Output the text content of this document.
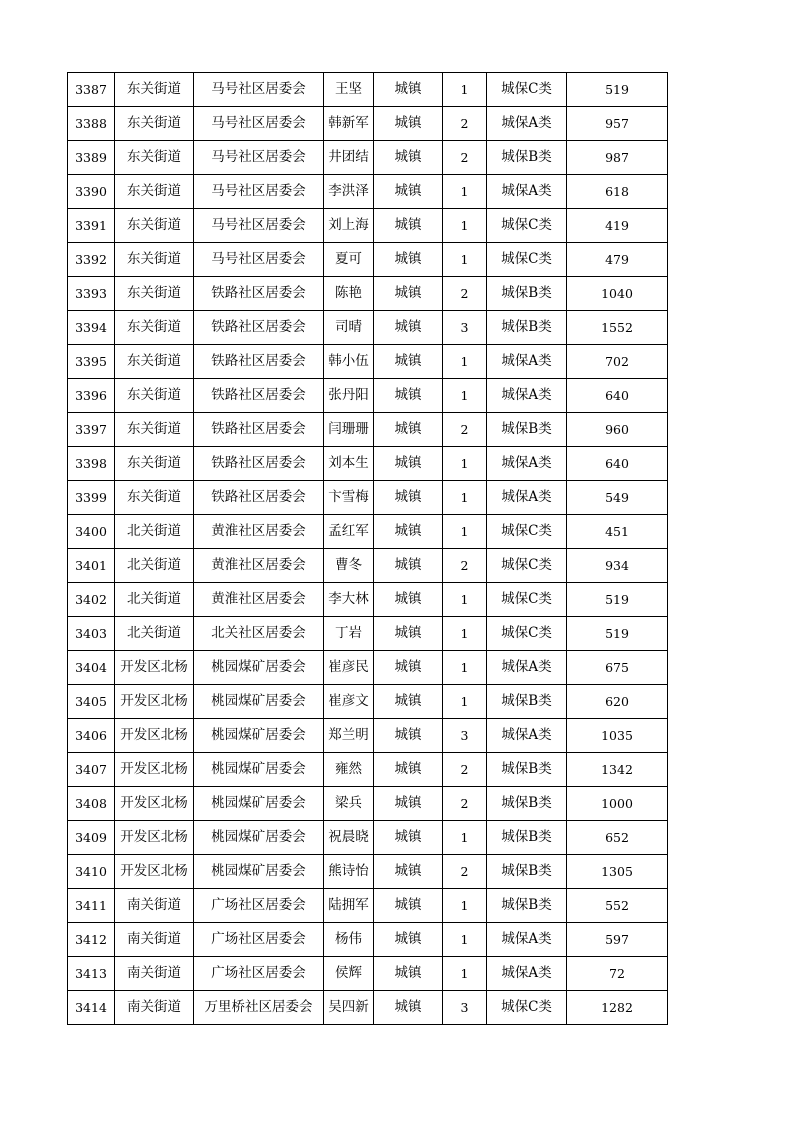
3387	东关街道	马号社区居委会	王坚	城镇	1	城保C类	519
3388	东关街道	马号社区居委会	韩新军	城镇	2	城保A类	957
3389	东关街道	马号社区居委会	井团结	城镇	2	城保B类	987
3390	东关街道	马号社区居委会	李洪泽	城镇	1	城保A类	618
3391	东关街道	马号社区居委会	刘上海	城镇	1	城保C类	419
3392	东关街道	马号社区居委会	夏可	城镇	1	城保C类	479
3393	东关街道	铁路社区居委会	陈艳	城镇	2	城保B类	1040
3394	东关街道	铁路社区居委会	司晴	城镇	3	城保B类	1552
3395	东关街道	铁路社区居委会	韩小伍	城镇	1	城保A类	702
3396	东关街道	铁路社区居委会	张丹阳	城镇	1	城保A类	640
3397	东关街道	铁路社区居委会	闫珊珊	城镇	2	城保B类	960
3398	东关街道	铁路社区居委会	刘本生	城镇	1	城保A类	640
3399	东关街道	铁路社区居委会	卞雪梅	城镇	1	城保A类	549
3400	北关街道	黄淮社区居委会	孟红军	城镇	1	城保C类	451
3401	北关街道	黄淮社区居委会	曹冬	城镇	2	城保C类	934
3402	北关街道	黄淮社区居委会	李大林	城镇	1	城保C类	519
3403	北关街道	北关社区居委会	丁岩	城镇	1	城保C类	519
3404	开发区北杨	桃园煤矿居委会	崔彦民	城镇	1	城保A类	675
3405	开发区北杨	桃园煤矿居委会	崔彦文	城镇	1	城保B类	620
3406	开发区北杨	桃园煤矿居委会	郑兰明	城镇	3	城保A类	1035
3407	开发区北杨	桃园煤矿居委会	雍然	城镇	2	城保B类	1342
3408	开发区北杨	桃园煤矿居委会	梁兵	城镇	2	城保B类	1000
3409	开发区北杨	桃园煤矿居委会	祝晨晓	城镇	1	城保B类	652
3410	开发区北杨	桃园煤矿居委会	熊诗怡	城镇	2	城保B类	1305
3411	南关街道	广场社区居委会	陆拥军	城镇	1	城保B类	552
3412	南关街道	广场社区居委会	杨伟	城镇	1	城保A类	597
3413	南关街道	广场社区居委会	侯辉	城镇	1	城保A类	72
3414	南关街道	万里桥社区居委会	吴四新	城镇	3	城保C类	1282
